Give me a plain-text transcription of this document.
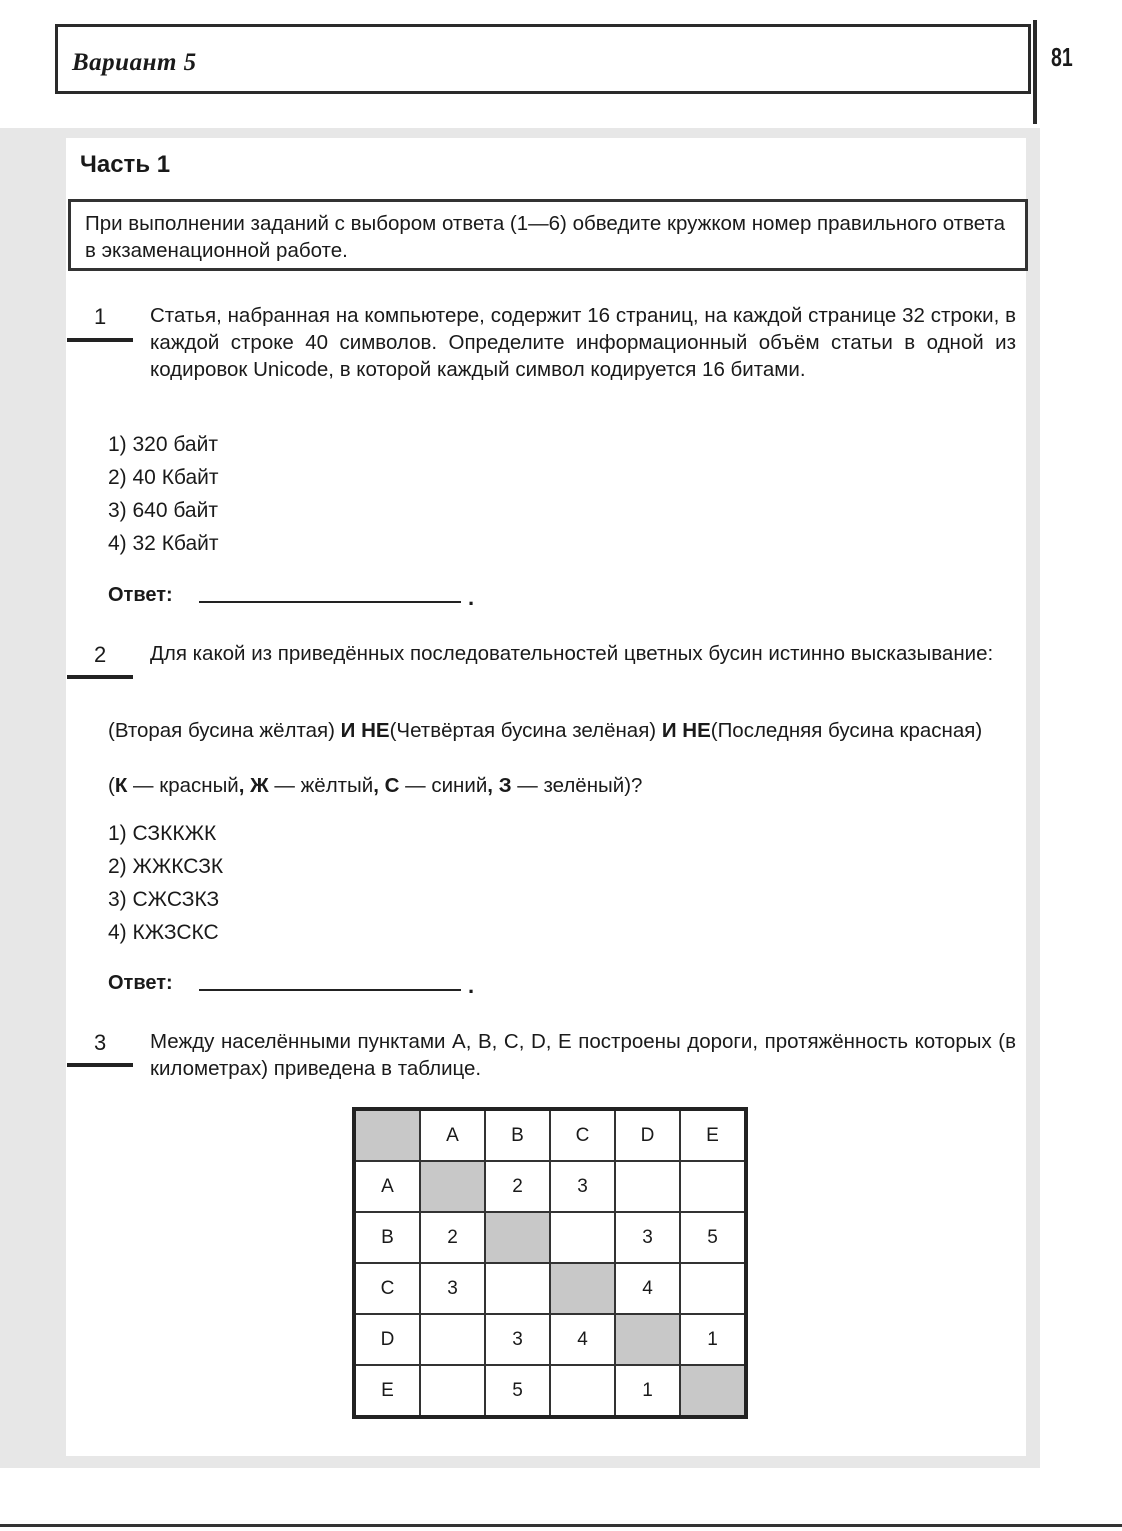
Вариант 5	81
Часть 1
При выполнении заданий с выбором ответа (1—6) обведите кружком номер правильного ответа в экзаменационной работе.
1 Статья, набранная на компьютере, содержит 16 страниц, на каждой странице 32 строки, в каждой строке 40 символов. Определите информационный объём статьи в одной из кодировок Unicode, в которой каждый символ кодируется 16 битами.
1) 320 байт
2) 40 Кбайт
3) 640 байт
4) 32 Кбайт
Ответ:	.
2 Для какой из приведённых последовательностей цветных бусин истинно высказывание:
(Вторая бусина жёлтая) И НЕ(Четвёртая бусина зелёная) И НЕ(Последняя бусина красная)
(К — красный, Ж — жёлтый, С — синий, З — зелёный)?
1) СЗККЖК
2) ЖЖКСЗК
3) СЖСЗКЗ
4) КЖЗСКС
Ответ:	.
3 Между населёнными пунктами A, B, C, D, E построены дороги, протяжённость которых (в километрах) приведена в таблице.
	A	B	C	D	E
A		2	3		
B	2			3	5
C	3			4	
D		3	4		1
E		5		1	
